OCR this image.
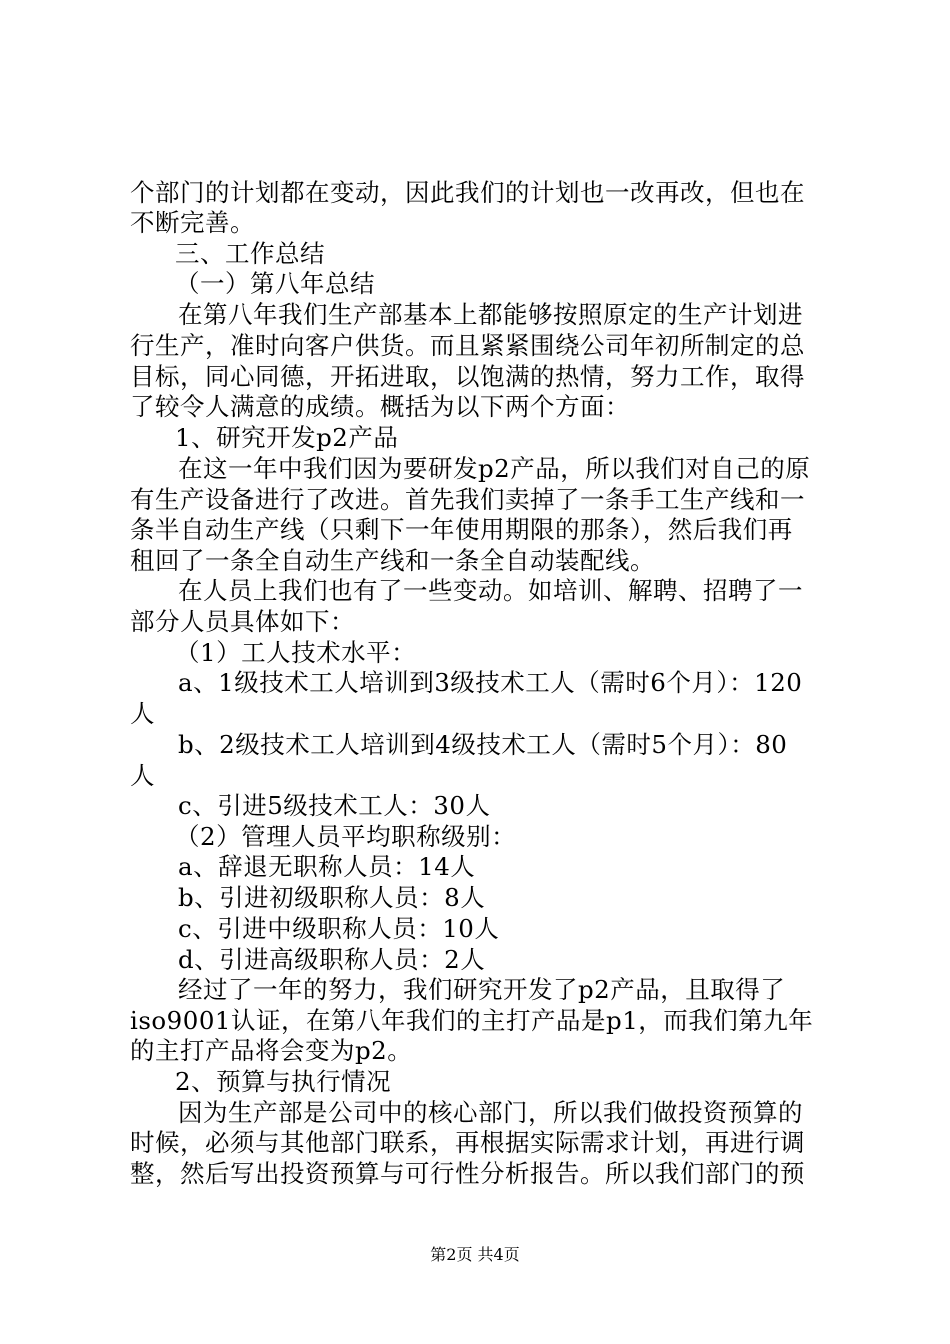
个部门的计划都在变动，因此我们的计划也一改再改，但也在
不断完善。
三、工作总结
（一）第八年总结
在第八年我们生产部基本上都能够按照原定的生产计划进
行生产，准时向客户供货。而且紧紧围绕公司年初所制定的总
目标，同心同德，开拓进取，以饱满的热情，努力工作，取得
了较令人满意的成绩。概括为以下两个方面：
1、研究开发p2产品
在这一年中我们因为要研发p2产品，所以我们对自己的原
有生产设备进行了改进。首先我们卖掉了一条手工生产线和一
条半自动生产线（只剩下一年使用期限的那条），然后我们再
租回了一条全自动生产线和一条全自动装配线。
在人员上我们也有了一些变动。如培训、解聘、招聘了一
部分人员具体如下：
（1）工人技术水平：
a、1级技术工人培训到3级技术工人（需时6个月）：120
人
b、2级技术工人培训到4级技术工人（需时5个月）：80
人
c、引进5级技术工人：30人
（2）管理人员平均职称级别：
a、辞退无职称人员：14人
b、引进初级职称人员：8人
c、引进中级职称人员：10人
d、引进高级职称人员：2人
经过了一年的努力，我们研究开发了p2产品，且取得了
iso9001认证，在第八年我们的主打产品是p1，而我们第九年
的主打产品将会变为p2。
2、预算与执行情况
因为生产部是公司中的核心部门，所以我们做投资预算的
时候，必须与其他部门联系，再根据实际需求计划，再进行调
整，然后写出投资预算与可行性分析报告。所以我们部门的预
第2页 共4页
